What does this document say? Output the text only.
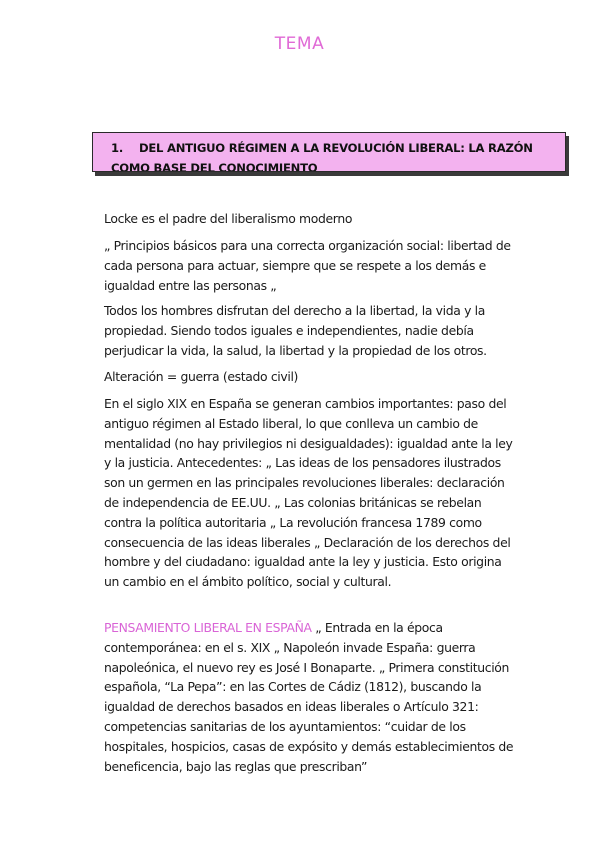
TEMA
1. DEL ANTIGUO RÉGIMEN A LA REVOLUCIÓN LIBERAL: LA RAZÓN COMO BASE DEL CONOCIMIENTO

Locke es el padre del liberalismo moderno

„ Principios básicos para una correcta organización social: libertad de cada persona para actuar, siempre que se respete a los demás e igualdad entre las personas „

Todos los hombres disfrutan del derecho a la libertad, la vida y la propiedad. Siendo todos iguales e independientes, nadie debía perjudicar la vida, la salud, la libertad y la propiedad de los otros.

Alteración = guerra (estado civil)

En el siglo XIX en España se generan cambios importantes: paso del antiguo régimen al Estado liberal, lo que conlleva un cambio de mentalidad (no hay privilegios ni desigualdades): igualdad ante la ley y la justicia. Antecedentes: „ Las ideas de los pensadores ilustrados son un germen en las principales revoluciones liberales: declaración de independencia de EE.UU. „ Las colonias británicas se rebelan contra la política autoritaria „ La revolución francesa 1789 como consecuencia de las ideas liberales „ Declaración de los derechos del hombre y del ciudadano: igualdad ante la ley y justicia. Esto origina un cambio en el ámbito político, social y cultural.

PENSAMIENTO LIBERAL EN ESPAÑA „ Entrada en la época contemporánea: en el s. XIX „ Napoleón invade España: guerra napoleónica, el nuevo rey es José I Bonaparte. „ Primera constitución española, “La Pepa”: en las Cortes de Cádiz (1812), buscando la igualdad de derechos basados en ideas liberales o Artículo 321: competencias sanitarias de los ayuntamientos: “cuidar de los hospitales, hospicios, casas de expósito y demás establecimientos de beneficencia, bajo las reglas que prescriban”
